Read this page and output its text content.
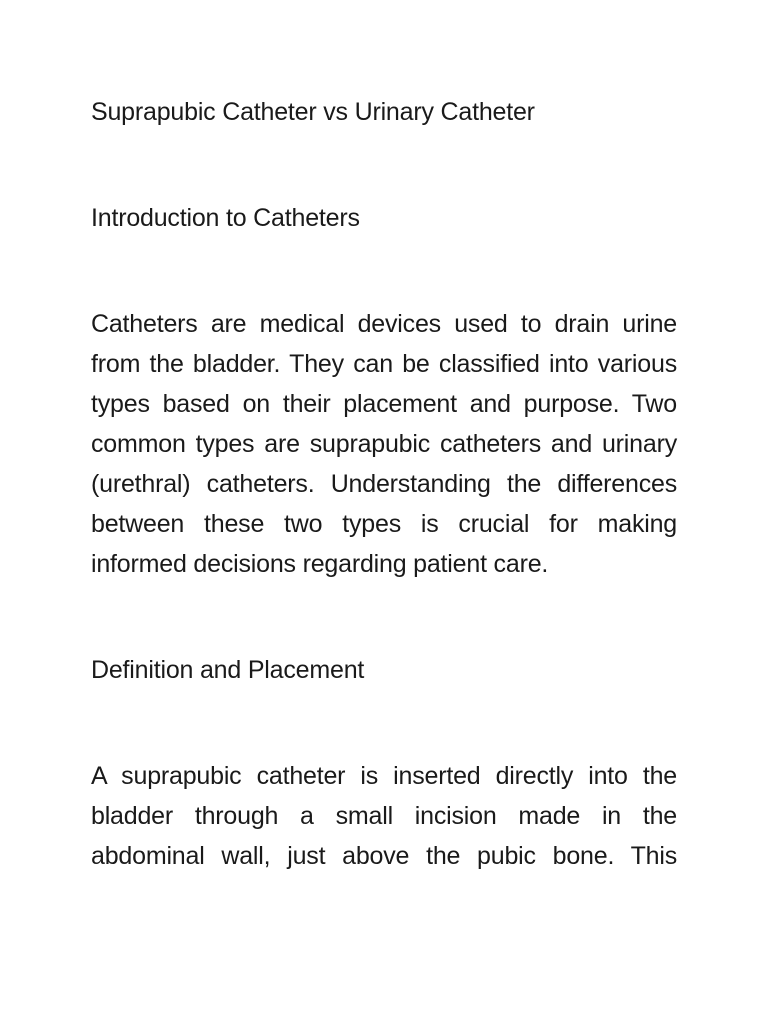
Suprapubic Catheter vs Urinary Catheter

Introduction to Catheters

Catheters are medical devices used to drain urine from the bladder. They can be classified into various types based on their placement and purpose. Two common types are suprapubic catheters and urinary (urethral) catheters. Understanding the differences between these two types is crucial for making informed decisions regarding patient care.

Definition and Placement

A suprapubic catheter is inserted directly into the bladder through a small incision made in the abdominal wall, just above the pubic bone. This
